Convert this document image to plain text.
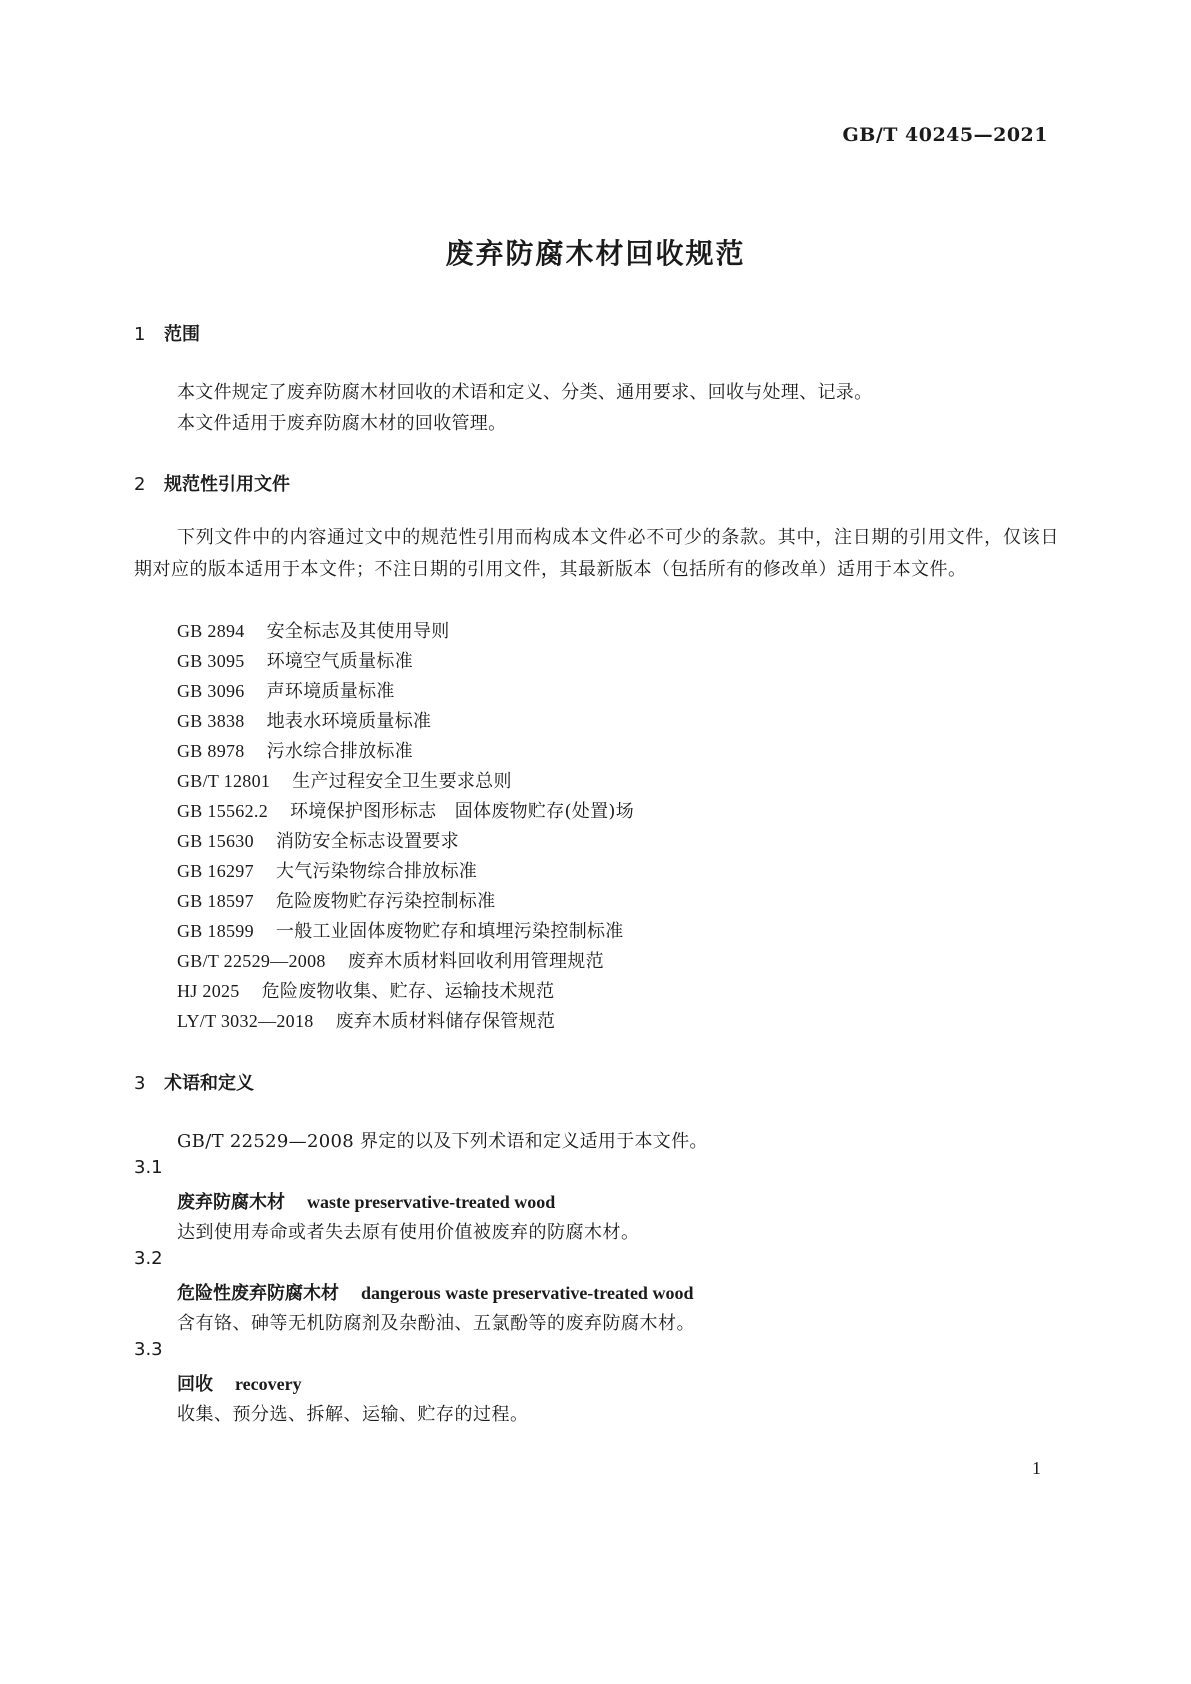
GB/T 40245—2021
废弃防腐木材回收规范
1 范围
本文件规定了废弃防腐木材回收的术语和定义、分类、通用要求、回收与处理、记录。
本文件适用于废弃防腐木材的回收管理。
2 规范性引用文件
下列文件中的内容通过文中的规范性引用而构成本文件必不可少的条款。其中，注日期的引用文件，仅该日期对应的版本适用于本文件；不注日期的引用文件，其最新版本（包括所有的修改单）适用于本文件。
GB 2894 安全标志及其使用导则
GB 3095 环境空气质量标准
GB 3096 声环境质量标准
GB 3838 地表水环境质量标准
GB 8978 污水综合排放标准
GB/T 12801 生产过程安全卫生要求总则
GB 15562.2 环境保护图形标志　固体废物贮存(处置)场
GB 15630 消防安全标志设置要求
GB 16297 大气污染物综合排放标准
GB 18597 危险废物贮存污染控制标准
GB 18599 一般工业固体废物贮存和填埋污染控制标准
GB/T 22529—2008 废弃木质材料回收利用管理规范
HJ 2025 危险废物收集、贮存、运输技术规范
LY/T 3032—2018 废弃木质材料储存保管规范
3 术语和定义
GB/T 22529—2008 界定的以及下列术语和定义适用于本文件。
3.1
废弃防腐木材 waste preservative-treated wood
达到使用寿命或者失去原有使用价值被废弃的防腐木材。
3.2
危险性废弃防腐木材 dangerous waste preservative-treated wood
含有铬、砷等无机防腐剂及杂酚油、五氯酚等的废弃防腐木材。
3.3
回收 recovery
收集、预分选、拆解、运输、贮存的过程。
1
